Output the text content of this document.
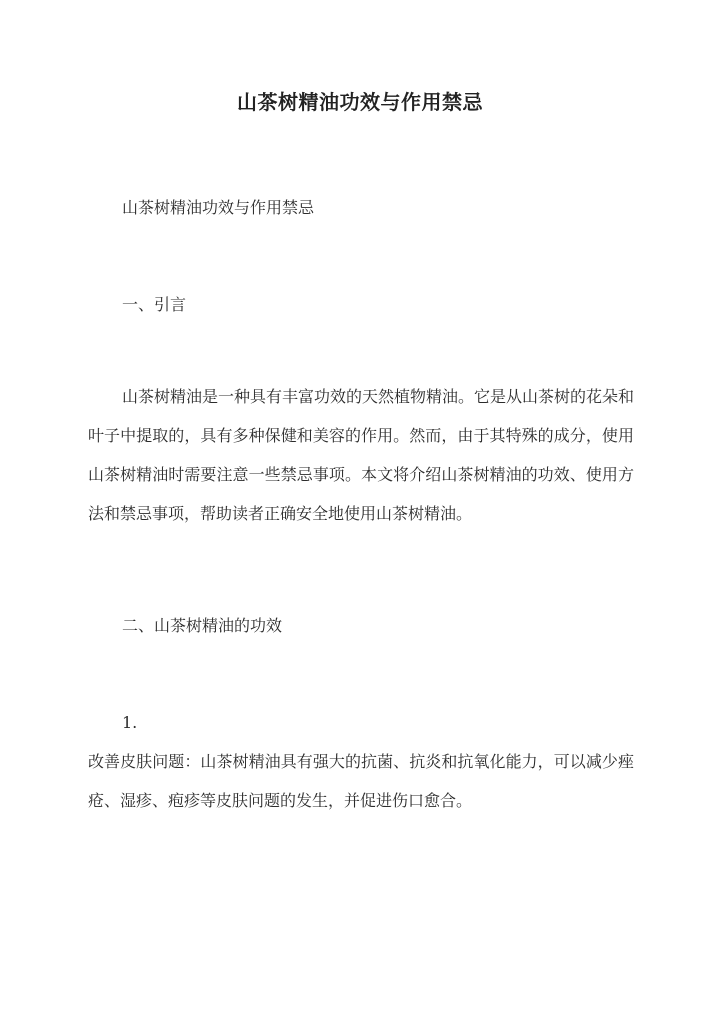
山茶树精油功效与作用禁忌
山茶树精油功效与作用禁忌
一、引言
山茶树精油是一种具有丰富功效的天然植物精油。它是从山茶树的花朵和叶子中提取的，具有多种保健和美容的作用。然而，由于其特殊的成分，使用山茶树精油时需要注意一些禁忌事项。本文将介绍山茶树精油的功效、使用方法和禁忌事项，帮助读者正确安全地使用山茶树精油。
二、山茶树精油的功效
1.
改善皮肤问题：山茶树精油具有强大的抗菌、抗炎和抗氧化能力，可以减少痤疮、湿疹、疱疹等皮肤问题的发生，并促进伤口愈合。
